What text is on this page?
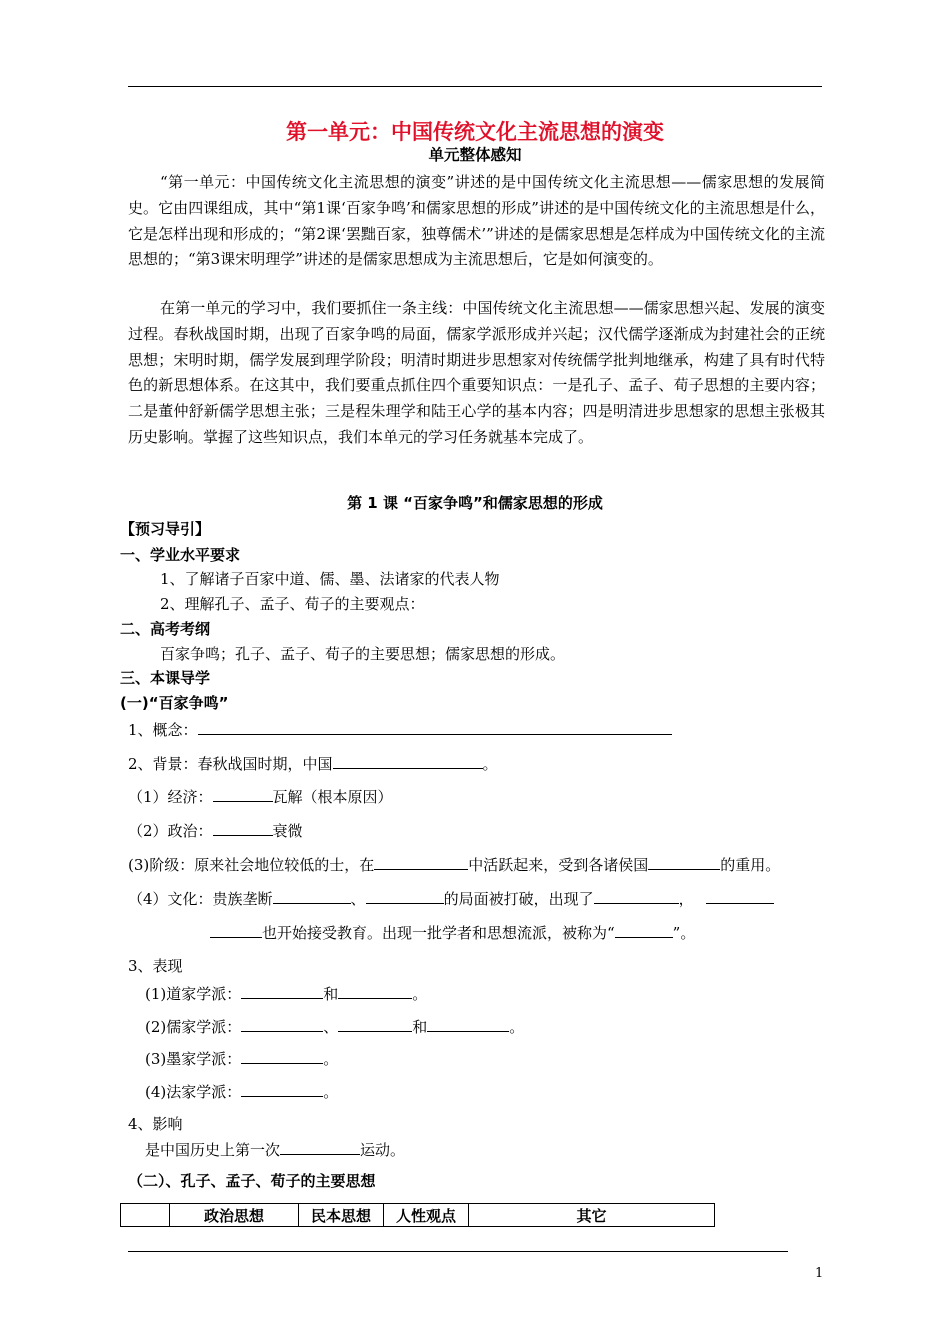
第一单元：中国传统文化主流思想的演变
单元整体感知
“第一单元：中国传统文化主流思想的演变”讲述的是中国传统文化主流思想——儒家思想的发展简史。它由四课组成，其中“第1课‘百家争鸣’和儒家思想的形成”讲述的是中国传统文化的主流思想是什么，它是怎样出现和形成的；“第2课‘罢黜百家，独尊儒术’”讲述的是儒家思想是怎样成为中国传统文化的主流思想的；“第3课宋明理学”讲述的是儒家思想成为主流思想后，它是如何演变的。
在第一单元的学习中，我们要抓住一条主线：中国传统文化主流思想——儒家思想兴起、发展的演变过程。春秋战国时期，出现了百家争鸣的局面，儒家学派形成并兴起；汉代儒学逐渐成为封建社会的正统思想；宋明时期，儒学发展到理学阶段；明清时期进步思想家对传统儒学批判地继承，构建了具有时代特色的新思想体系。在这其中，我们要重点抓住四个重要知识点：一是孔子、孟子、荀子思想的主要内容；二是董仲舒新儒学思想主张；三是程朱理学和陆王心学的基本内容；四是明清进步思想家的思想主张极其历史影响。掌握了这些知识点，我们本单元的学习任务就基本完成了。
第 1 课 “百家争鸣”和儒家思想的形成
【预习导引】
一、学业水平要求
1、了解诸子百家中道、儒、墨、法诸家的代表人物
2、理解孔子、孟子、荀子的主要观点：
二、高考考纲
百家争鸣；孔子、孟子、荀子的主要思想；儒家思想的形成。
三、本课导学
(一)“百家争鸣”
1、概念：
2、背景：春秋战国时期，中国	。
（1）经济：	瓦解（根本原因）
（2）政治：	衰微
(3)阶级：原来社会地位较低的士，在	中活跃起来，受到各诸侯国	的重用。
（4）文化：贵族垄断	、	的局面被打破，出现了	，
也开始接受教育。出现一批学者和思想流派，被称为“	”。
3、表现
(1)道家学派：	和	。
(2)儒家学派：	、	和	。
(3)墨家学派：	。
(4)法家学派：	。
4、影响
是中国历史上第一次	运动。
（二）、孔子、孟子、荀子的主要思想
	政治思想	民本思想	人性观点	其它
1
